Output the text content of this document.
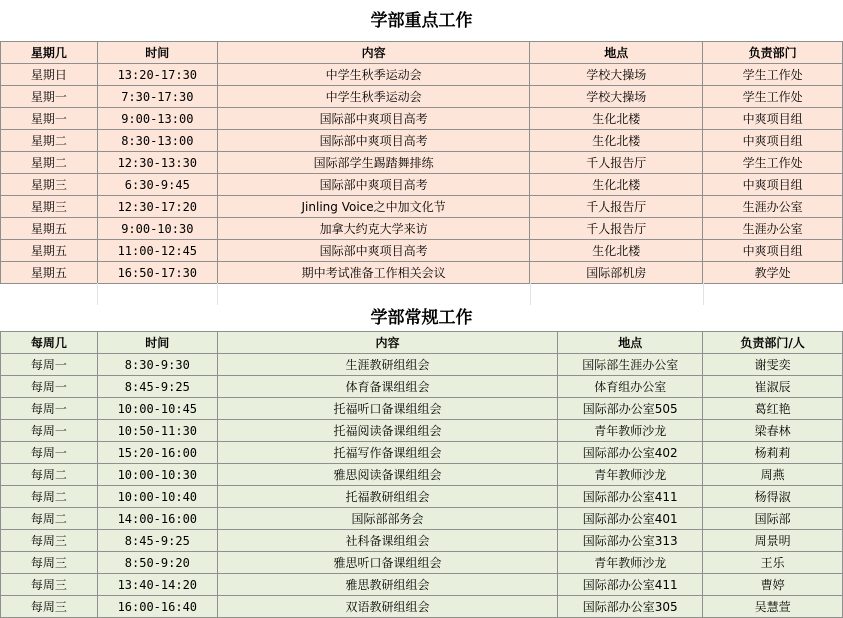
学部重点工作
星期几	时间	内容	地点	负责部门
星期日	13:20-17:30	中学生秋季运动会	学校大操场	学生工作处
星期一	7:30-17:30	中学生秋季运动会	学校大操场	学生工作处
星期一	9:00-13:00	国际部中爽项目高考	生化北楼	中爽项目组
星期二	8:30-13:00	国际部中爽项目高考	生化北楼	中爽项目组
星期二	12:30-13:30	国际部学生踢踏舞排练	千人报告厅	学生工作处
星期三	6:30-9:45	国际部中爽项目高考	生化北楼	中爽项目组
星期三	12:30-17:20	Jinling Voice之中加文化节	千人报告厅	生涯办公室
星期五	9:00-10:30	加拿大约克大学来访	千人报告厅	生涯办公室
星期五	11:00-12:45	国际部中爽项目高考	生化北楼	中爽项目组
星期五	16:50-17:30	期中考试准备工作相关会议	国际部机房	教学处
学部常规工作
每周几	时间	内容	地点	负责部门/人
每周一	8:30-9:30	生涯教研组组会	国际部生涯办公室	谢雯奕
每周一	8:45-9:25	体育备课组组会	体育组办公室	崔淑辰
每周一	10:00-10:45	托福听口备课组组会	国际部办公室505	葛红艳
每周一	10:50-11:30	托福阅读备课组组会	青年教师沙龙	梁春林
每周一	15:20-16:00	托福写作备课组组会	国际部办公室402	杨莉莉
每周二	10:00-10:30	雅思阅读备课组组会	青年教师沙龙	周燕
每周二	10:00-10:40	托福教研组组会	国际部办公室411	杨得淑
每周二	14:00-16:00	国际部部务会	国际部办公室401	国际部
每周三	8:45-9:25	社科备课组组会	国际部办公室313	周景明
每周三	8:50-9:20	雅思听口备课组组会	青年教师沙龙	王乐
每周三	13:40-14:20	雅思教研组组会	国际部办公室411	曹婷
每周三	16:00-16:40	双语教研组组会	国际部办公室305	吴慧萱
